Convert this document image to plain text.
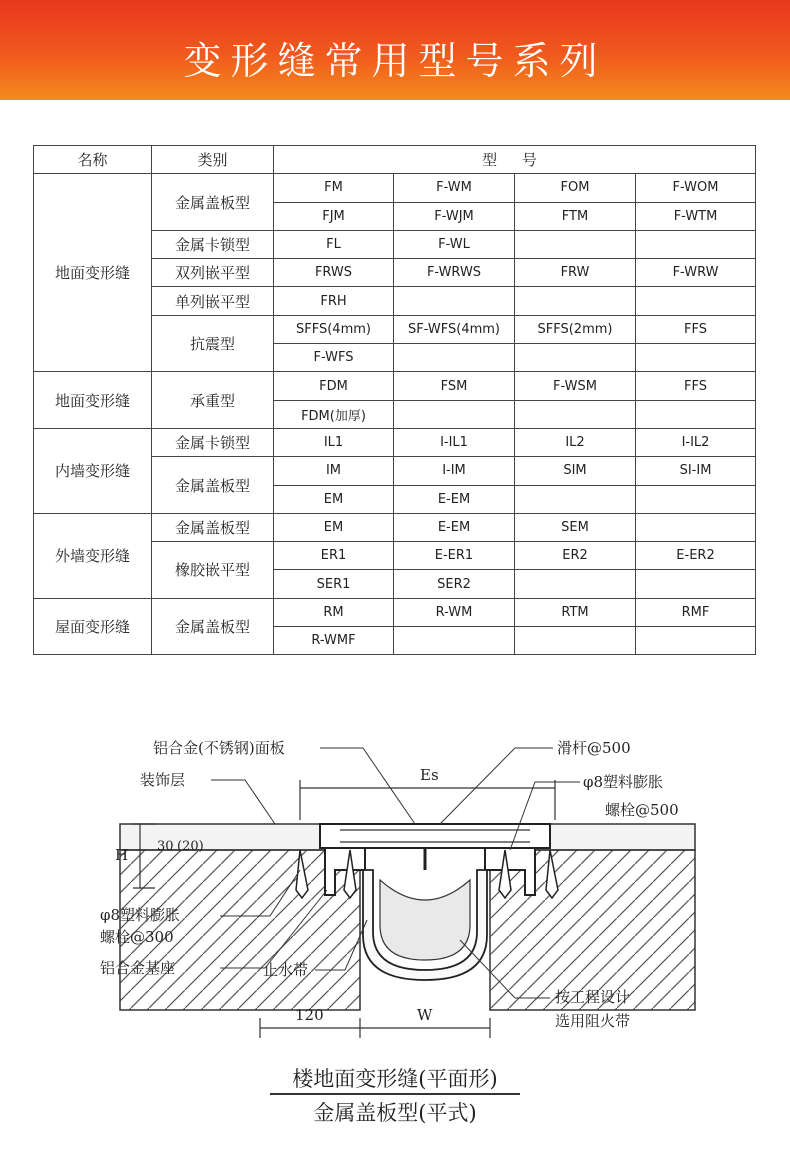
变形缝常用型号系列
名称	类别	型 号			
地面变形缝	金属盖板型	FM	F-WM	FOM	F-WOM
		FJM	F-WJM	FTM	F-WTM
	金属卡锁型	FL	F-WL		
	双列嵌平型	FRWS	F-WRWS	FRW	F-WRW
	单列嵌平型	FRH			
	抗震型	SFFS(4mm)	SF-WFS(4mm)	SFFS(2mm)	FFS
		F-WFS			
地面变形缝	承重型	FDM	FSM	F-WSM	FFS
		FDM(加厚)			
内墙变形缝	金属卡锁型	IL1	I-IL1	IL2	I-IL2
	金属盖板型	IM	I-IM	SIM	SI-IM
		EM	E-EM		
外墙变形缝	金属盖板型	EM	E-EM	SEM	
	橡胶嵌平型	ER1	E-ER1	ER2	E-ER2
		SER1	SER2		
屋面变形缝	金属盖板型	RM	R-WM	RTM	RMF
		R-WMF			
铝合金(不锈钢)面板
装饰层
滑杆@500
φ8塑料膨胀
螺栓@500
φ8塑料膨胀
螺栓@300
铝合金基座	止水带
按工程设计
选用阻火带
Es
H 30 (20)
120	W
楼地面变形缝(平面形)
金属盖板型(平式)
